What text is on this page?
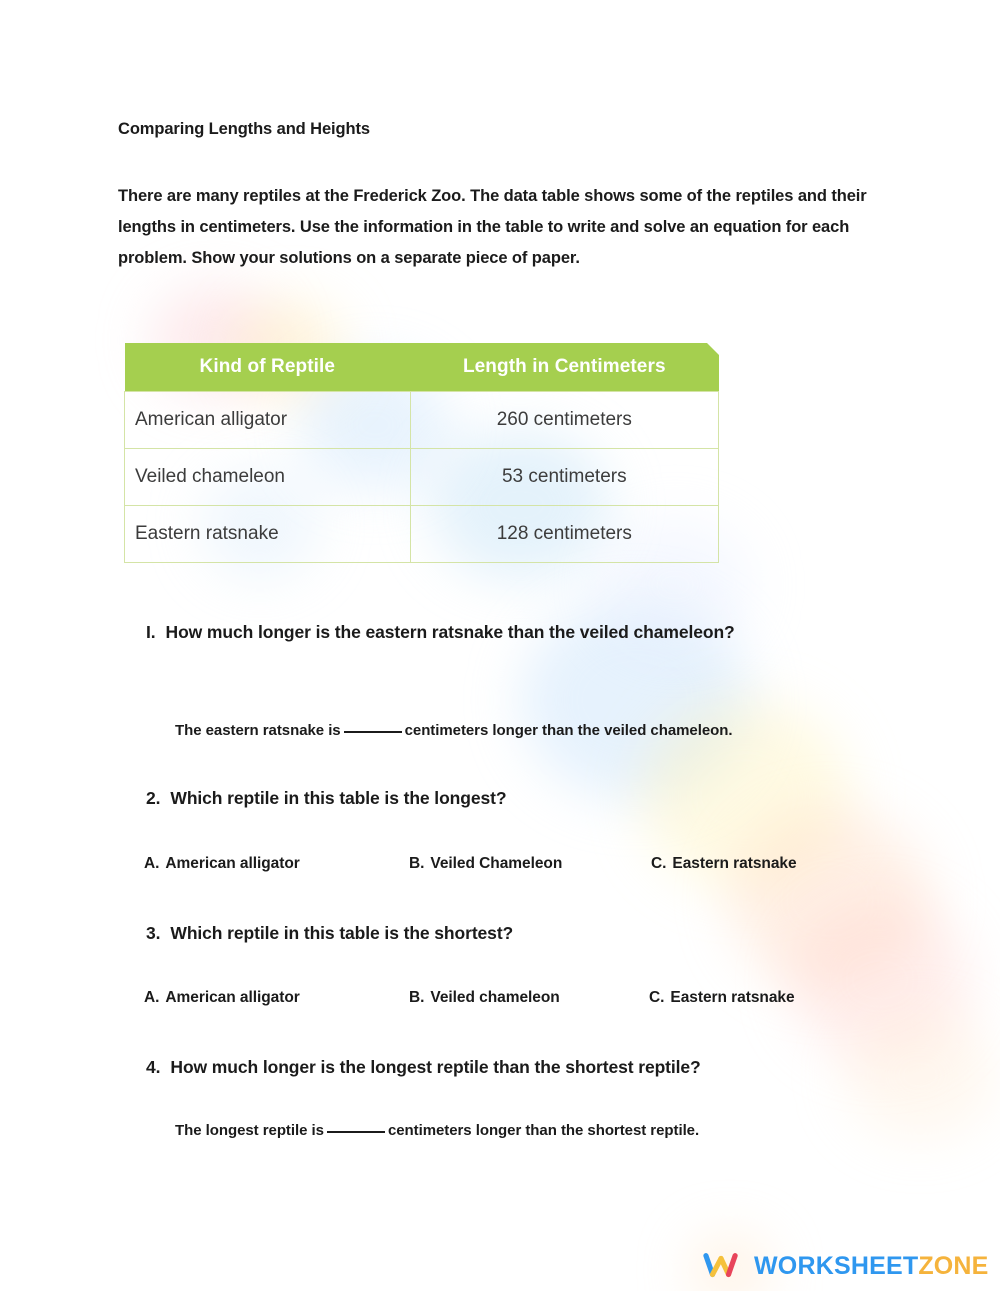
Comparing Lengths and Heights
There are many reptiles at the Frederick Zoo. The data table shows some of the reptiles and their lengths in centimeters. Use the information in the table to write and solve an equation for each problem. Show your solutions on a separate piece of paper.
Kind of Reptile	Length in Centimeters
American alligator	260 centimeters
Veiled chameleon	53 centimeters
Eastern ratsnake	128 centimeters
I. How much longer is the eastern ratsnake than the veiled chameleon?
The eastern ratsnake is	centimeters longer than the veiled chameleon.
2. Which reptile in this table is the longest?
A. American alligator	B. Veiled Chameleon	C. Eastern ratsnake
3. Which reptile in this table is the shortest?
A. American alligator	B. Veiled chameleon	C. Eastern ratsnake
4. How much longer is the longest reptile than the shortest reptile?
The longest reptile is	centimeters longer than the shortest reptile.
WORKSHEETZONE
